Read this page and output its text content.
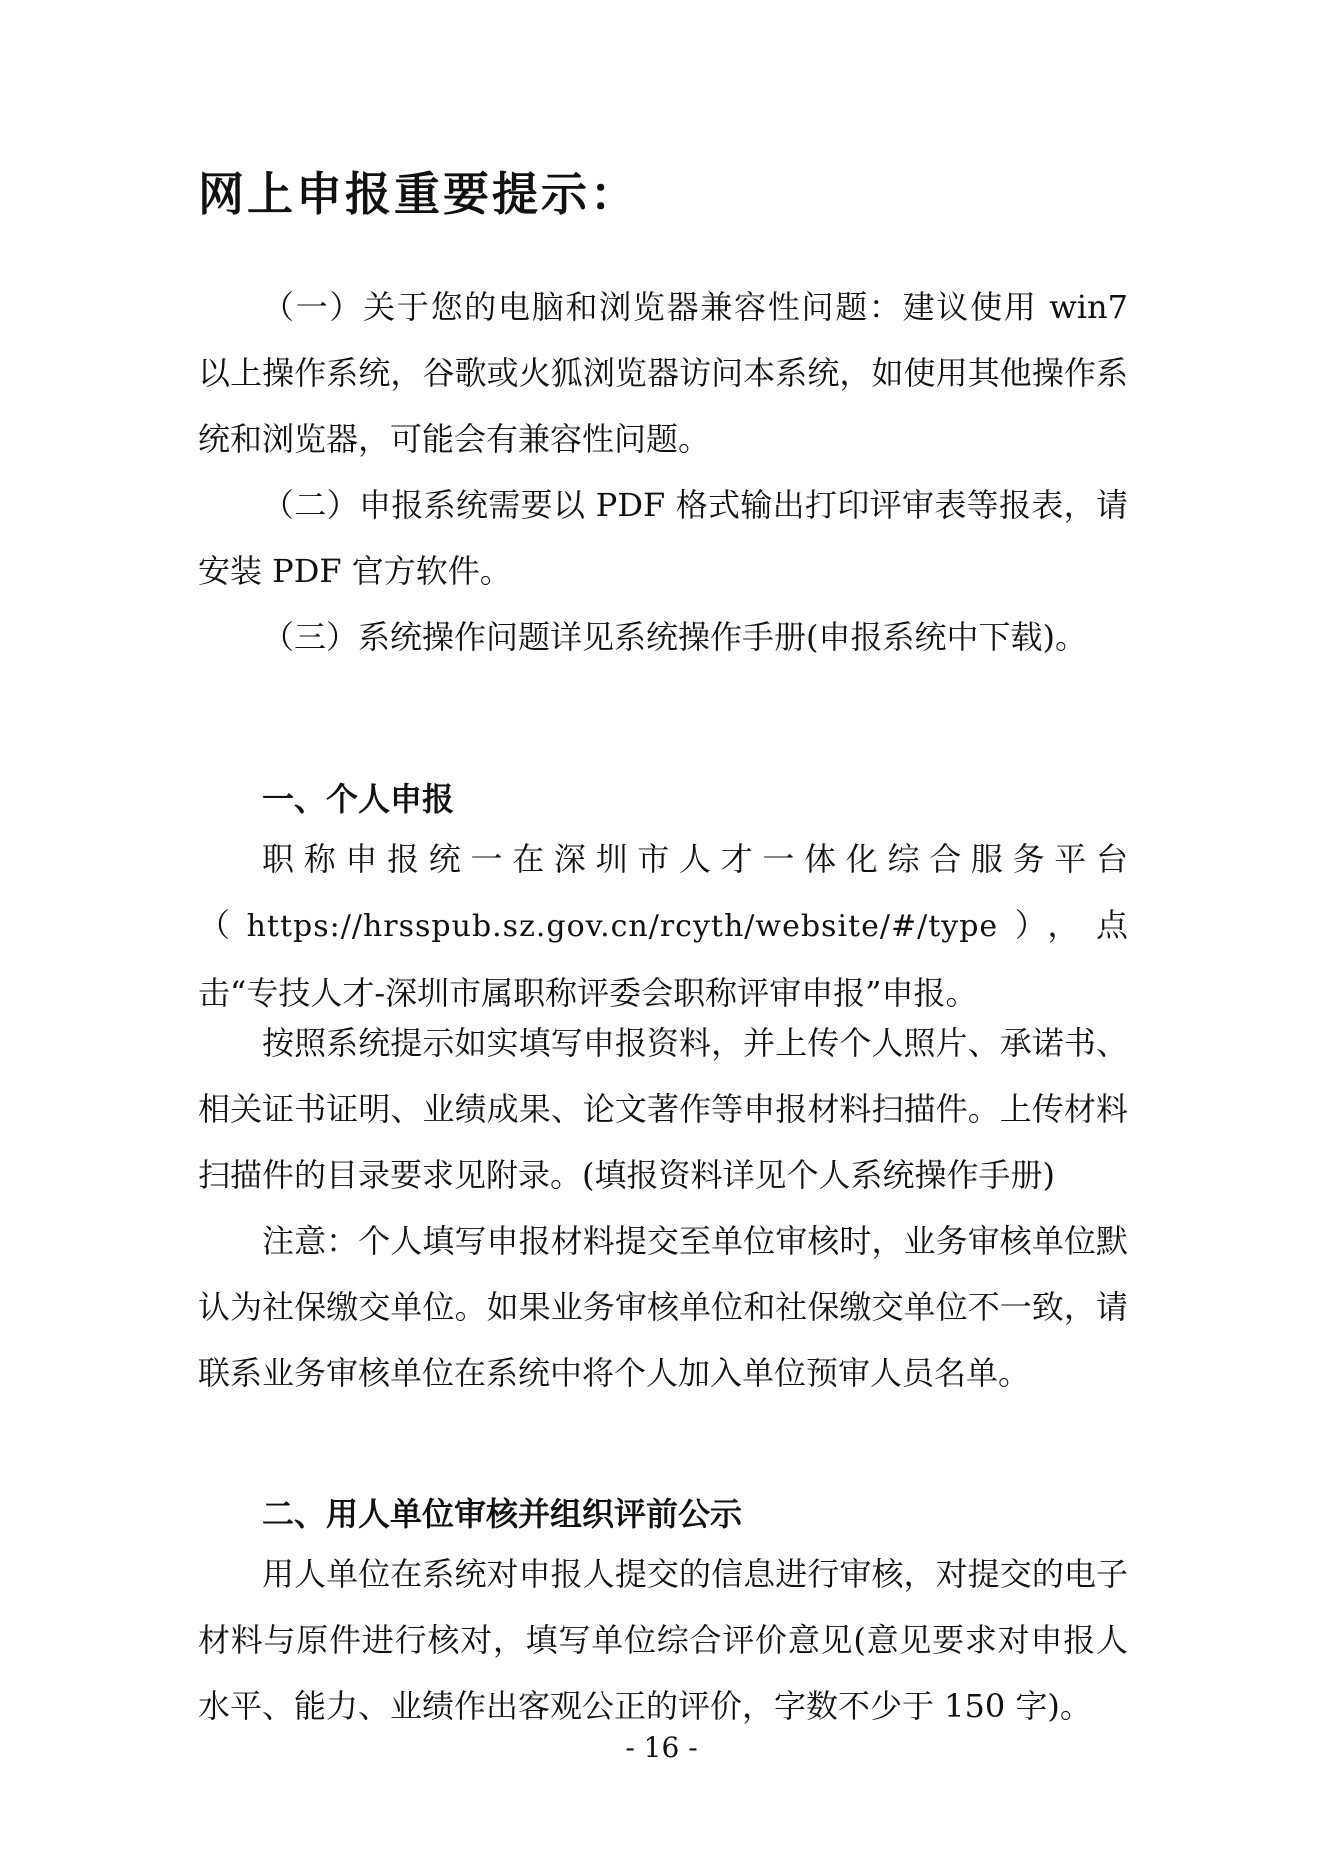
网上申报重要提示：

（一）关于您的电脑和浏览器兼容性问题：建议使用 win7 以上操作系统，谷歌或火狐浏览器访问本系统，如使用其他操作系统和浏览器，可能会有兼容性问题。

（二）申报系统需要以 PDF 格式输出打印评审表等报表，请安装 PDF 官方软件。

（三）系统操作问题详见系统操作手册(申报系统中下载)。

一、个人申报

职称申报统一在深圳市人才一体化综合服务平台（https://hrsspub.sz.gov.cn/rcyth/website/#/type），点击“专技人才-深圳市属职称评委会职称评审申报”申报。

按照系统提示如实填写申报资料，并上传个人照片、承诺书、相关证书证明、业绩成果、论文著作等申报材料扫描件。上传材料扫描件的目录要求见附录。(填报资料详见个人系统操作手册)

注意：个人填写申报材料提交至单位审核时，业务审核单位默认为社保缴交单位。如果业务审核单位和社保缴交单位不一致，请联系业务审核单位在系统中将个人加入单位预审人员名单。

二、用人单位审核并组织评前公示

用人单位在系统对申报人提交的信息进行审核，对提交的电子材料与原件进行核对，填写单位综合评价意见(意见要求对申报人水平、能力、业绩作出客观公正的评价，字数不少于 150 字)。

- 16 -
